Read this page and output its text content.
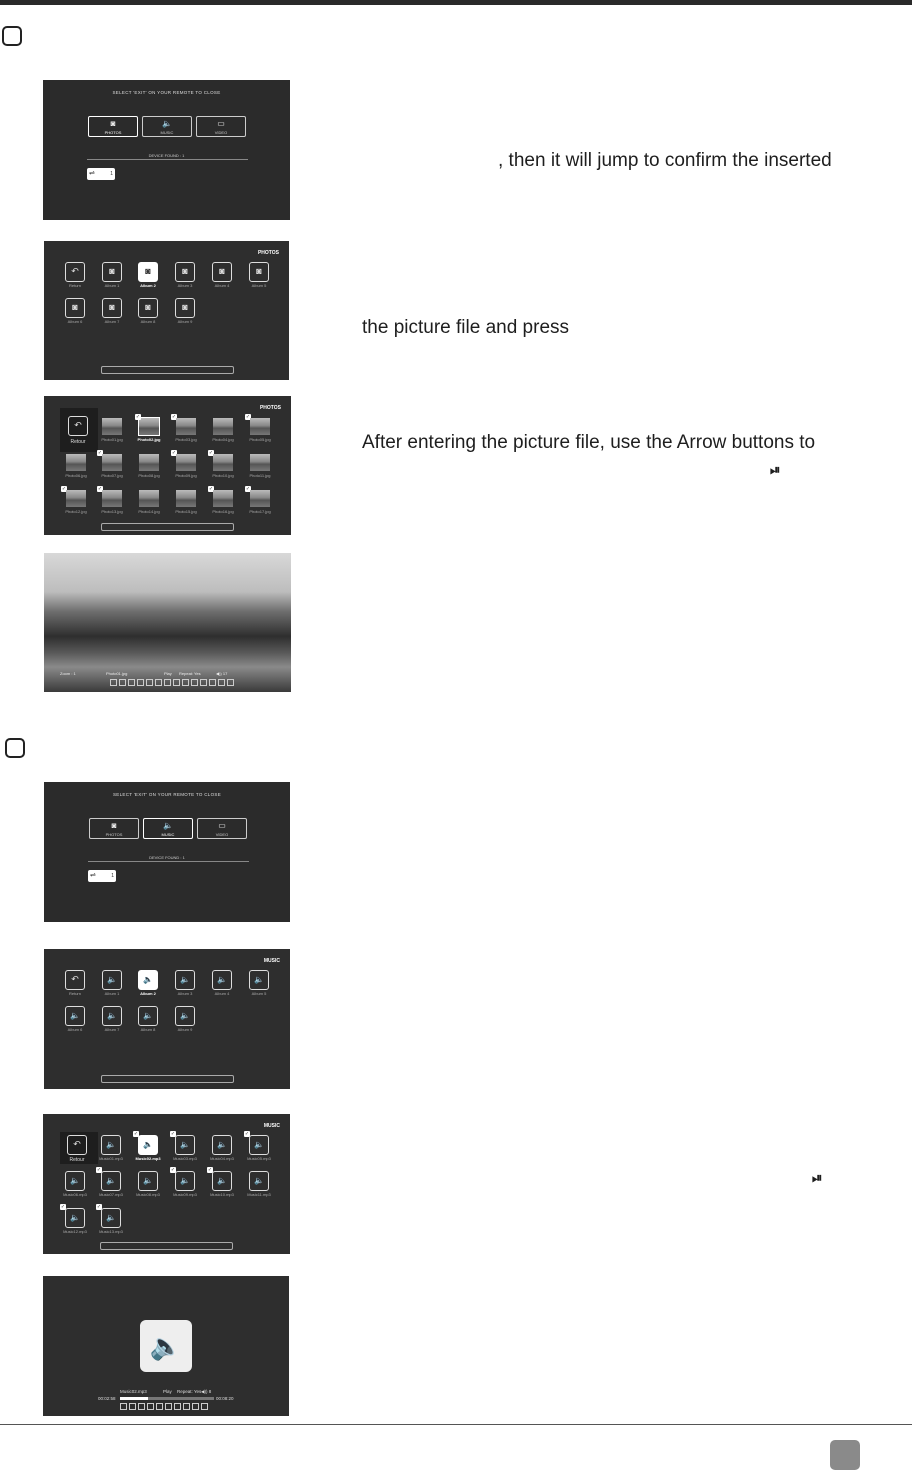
SELECT 'EXIT' ON YOUR REMOTE TO CLOSE
◙
PHOTOS
🔈
MUSIC
▭
VIDEO
DEVICE FOUND : 1
⇌	1
PHOTOS
↶
Return
◙
Album 1
◙
Album 2
◙
Album 3
◙
Album 4
◙
Album 5
◙
Album 6
◙
Album 7
◙
Album 8
◙
Album 9
PHOTOS
↶
Retour	Photo01.jpg
✓
Photo02.jpg
✓
Photo03.jpg	Photo04.jpg
✓
Photo05.jpg
Photo06.jpg
✓
Photo07.jpg	Photo08.jpg
✓
Photo09.jpg
✓
Photo10.jpg	Photo11.jpg
✓
Photo12.jpg
✓
Photo13.jpg	Photo14.jpg	Photo15.jpg
✓
Photo16.jpg
✓
Photo17.jpg
Zoom : 1	Photo01.jpg	Play Repeat: Yes	◀)) 17
SELECT 'EXIT' ON YOUR REMOTE TO CLOSE
◙
PHOTOS
🔈
MUSIC
▭
VIDEO
DEVICE FOUND : 1
⇌	1
MUSIC
↶
Return
🔈
Album 1
🔈
Album 2
🔈
Album 3
🔈
Album 4
🔈
Album 5
🔈
Album 6
🔈
Album 7
🔈
Album 8
🔈
Album 9
MUSIC
↶
Retour
🔈
Music01.mp3
✓
🔈
Music02.mp3
✓
🔈
Music03.mp3
🔈
Music04.mp3
✓
🔈
Music05.mp3
🔈
Music06.mp3
✓
🔈
Music07.mp3
🔈
Music08.mp3
✓
🔈
Music09.mp3
✓
🔈
Music10.mp3
🔈
Music11.mp3
✓
🔈
Music12.mp3
✓
🔈
Music13.mp3
🔈
Music02.mp3	Play Repeat: Yes ◀)) 8
00:02:58	00:08:20
, then it will jump to confirm the inserted
the picture file and press
After entering the picture file, use the Arrow buttons to
⏯
⏯
